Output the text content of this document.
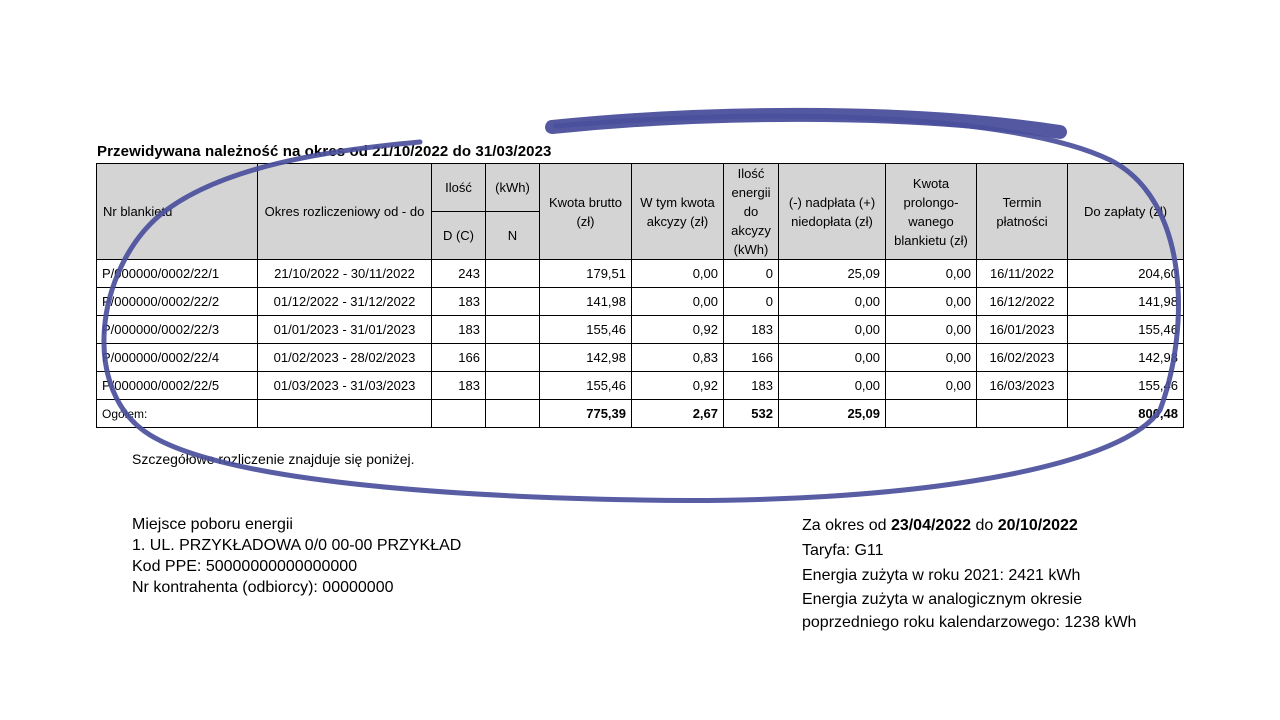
Przewidywana należność na okres od 21/10/2022 do 31/03/2023
Nr blankietu	Okres rozliczeniowy od - do	Ilość	(kWh)	Kwota brutto (zł)	W tym kwota akcyzy (zł)	Ilość energii do akcyzy (kWh)	(-) nadpłata (+) niedopłata (zł)	Kwota prolongo-wanego blankietu (zł)	Termin płatności	Do zapłaty (zł)
		D (C)	N							
P/000000/0002/22/1	21/10/2022 - 30/11/2022	243		179,51	0,00	0	25,09	0,00	16/11/2022	204,60
P/000000/0002/22/2	01/12/2022 - 31/12/2022	183		141,98	0,00	0	0,00	0,00	16/12/2022	141,98
P/000000/0002/22/3	01/01/2023 - 31/01/2023	183		155,46	0,92	183	0,00	0,00	16/01/2023	155,46
P/000000/0002/22/4	01/02/2023 - 28/02/2023	166		142,98	0,83	166	0,00	0,00	16/02/2023	142,98
P/000000/0002/22/5	01/03/2023 - 31/03/2023	183		155,46	0,92	183	0,00	0,00	16/03/2023	155,46
Ogółem:				775,39	2,67	532	25,09			800,48
Szczegółowe rozliczenie znajduje się poniżej.
Miejsce poboru energii
1. UL. PRZYKŁADOWA 0/0 00-00 PRZYKŁAD
Kod PPE: 50000000000000000
Nr kontrahenta (odbiorcy): 00000000
Za okres od 23/04/2022 do 20/10/2022
Taryfa: G11
Energia zużyta w roku 2021: 2421 kWh
Energia zużyta w analogicznym okresie poprzedniego roku kalendarzowego: 1238 kWh
